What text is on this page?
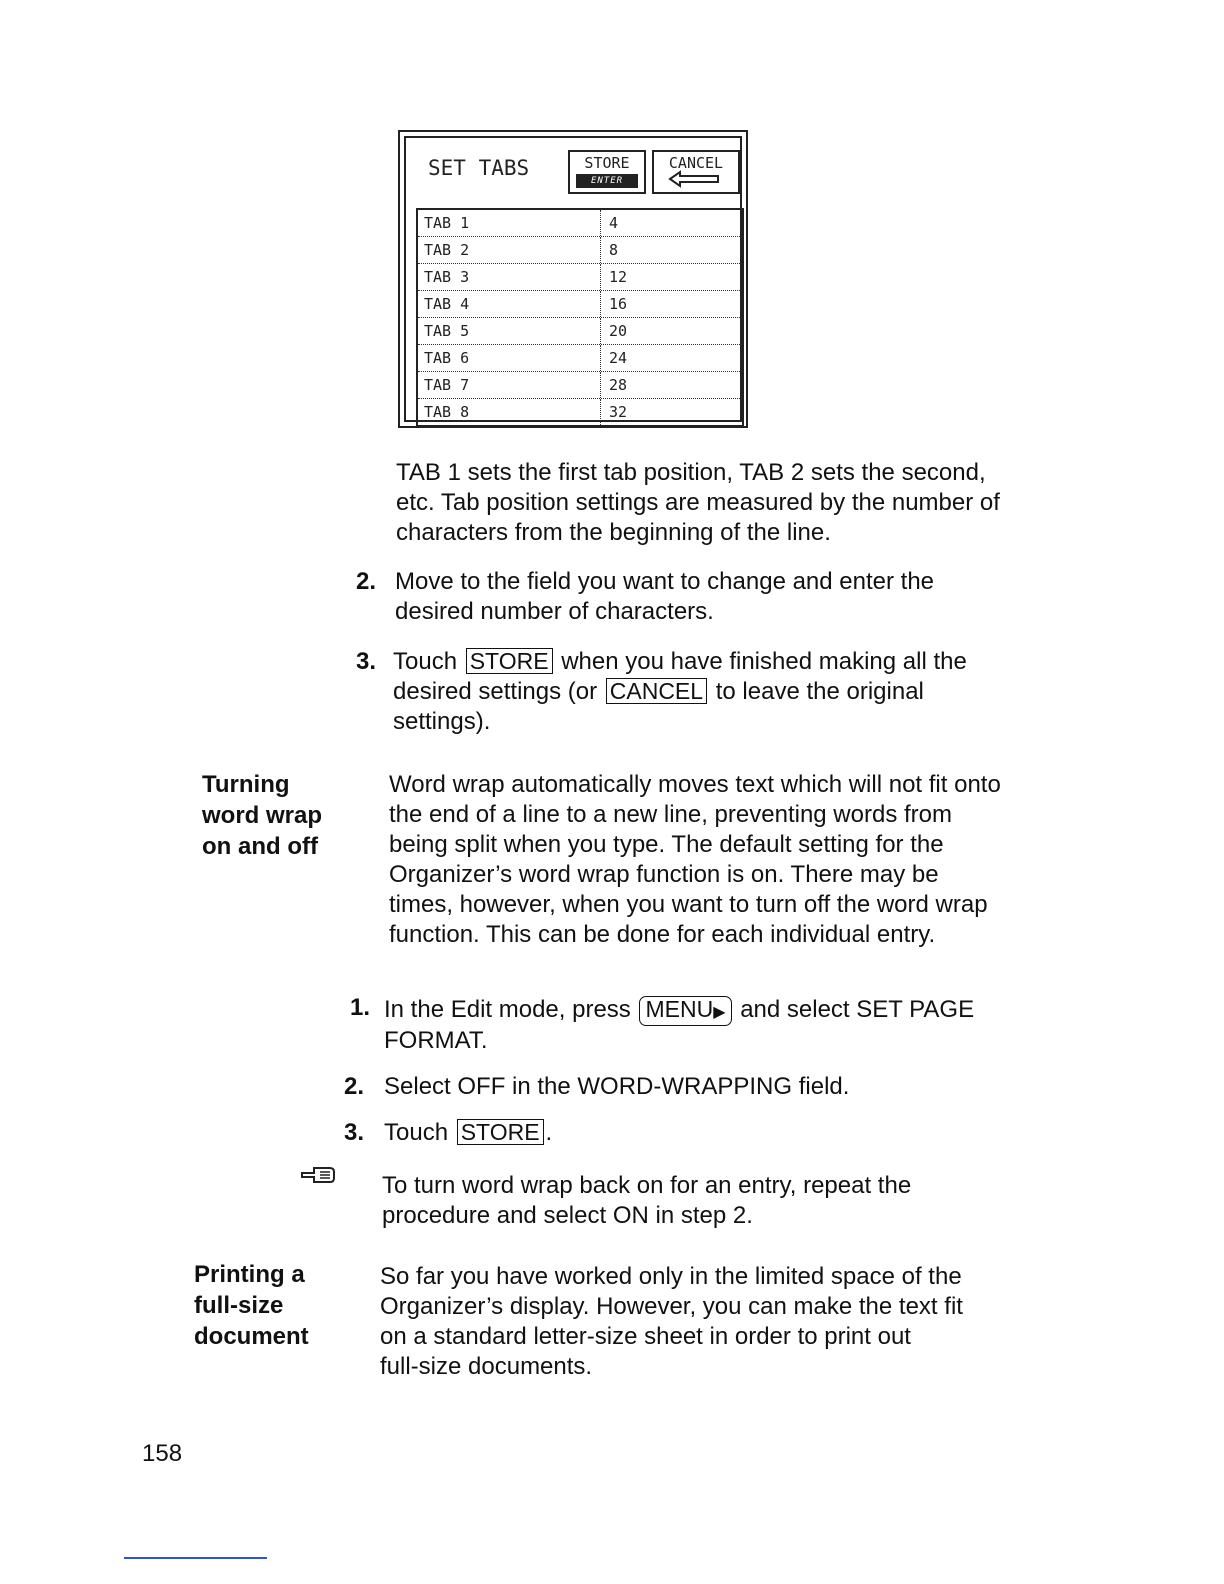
SET TABS	STORE
ENTER
CANCEL
TAB 1	4
TAB 2	8
TAB 3	12
TAB 4	16
TAB 5	20
TAB 6	24
TAB 7	28
TAB 8	32
TAB 1 sets the first tab position, TAB 2 sets the second,
etc. Tab position settings are measured by the number of
characters from the beginning of the line.
2. Move to the field you want to change and enter the
desired number of characters.
3. Touch STORE when you have finished making all the
desired settings (or CANCEL to leave the original
settings).
Turning
word wrap
on and off
Word wrap automatically moves text which will not fit onto
the end of a line to a new line, preventing words from
being split when you type. The default setting for the
Organizer’s word wrap function is on. There may be
times, however, when you want to turn off the word wrap
function. This can be done for each individual entry.
1. In the Edit mode, press MENU▶ and select SET PAGE
FORMAT.
2. Select OFF in the WORD-WRAPPING field.
3. Touch STORE .
To turn word wrap back on for an entry, repeat the
procedure and select ON in step 2.
Printing a
full-size
document
So far you have worked only in the limited space of the
Organizer’s display. However, you can make the text fit
on a standard letter-size sheet in order to print out
full-size documents.
158
